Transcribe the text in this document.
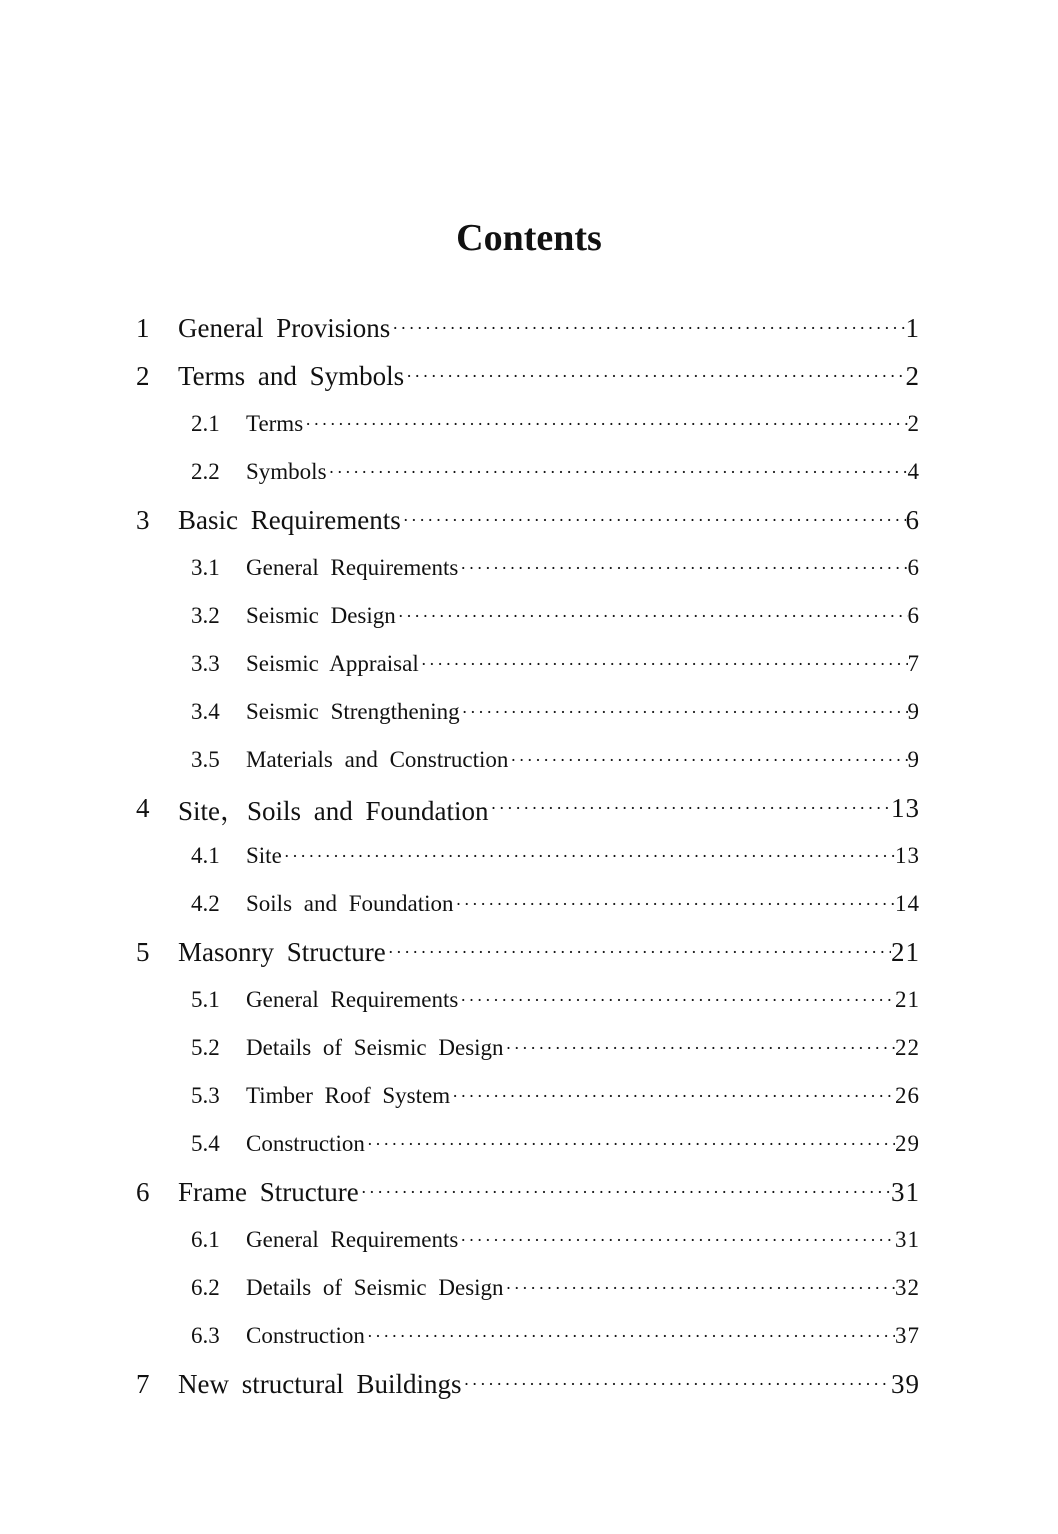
Contents
1 General Provisions ·····	1
2 Terms and Symbols ·····	2
2.1 Terms ·····	2
2.2 Symbols ·····	4
3 Basic Requirements ·····	6
3.1 General Requirements ·····	6
3.2 Seismic Design ·····	6
3.3 Seismic Appraisal ·····	7
3.4 Seismic Strengthening ·····	9
3.5 Materials and Construction ·····	9
4 Site，Soils and Foundation ·····	13
4.1 Site ·····	13
4.2 Soils and Foundation ·····	14
5 Masonry Structure ·····	21
5.1 General Requirements ·····	21
5.2 Details of Seismic Design ·····	22
5.3 Timber Roof System ·····	26
5.4 Construction ·····	29
6 Frame Structure ·····	31
6.1 General Requirements ·····	31
6.2 Details of Seismic Design ·····	32
6.3 Construction ·····	37
7 New structural Buildings ·····	39
